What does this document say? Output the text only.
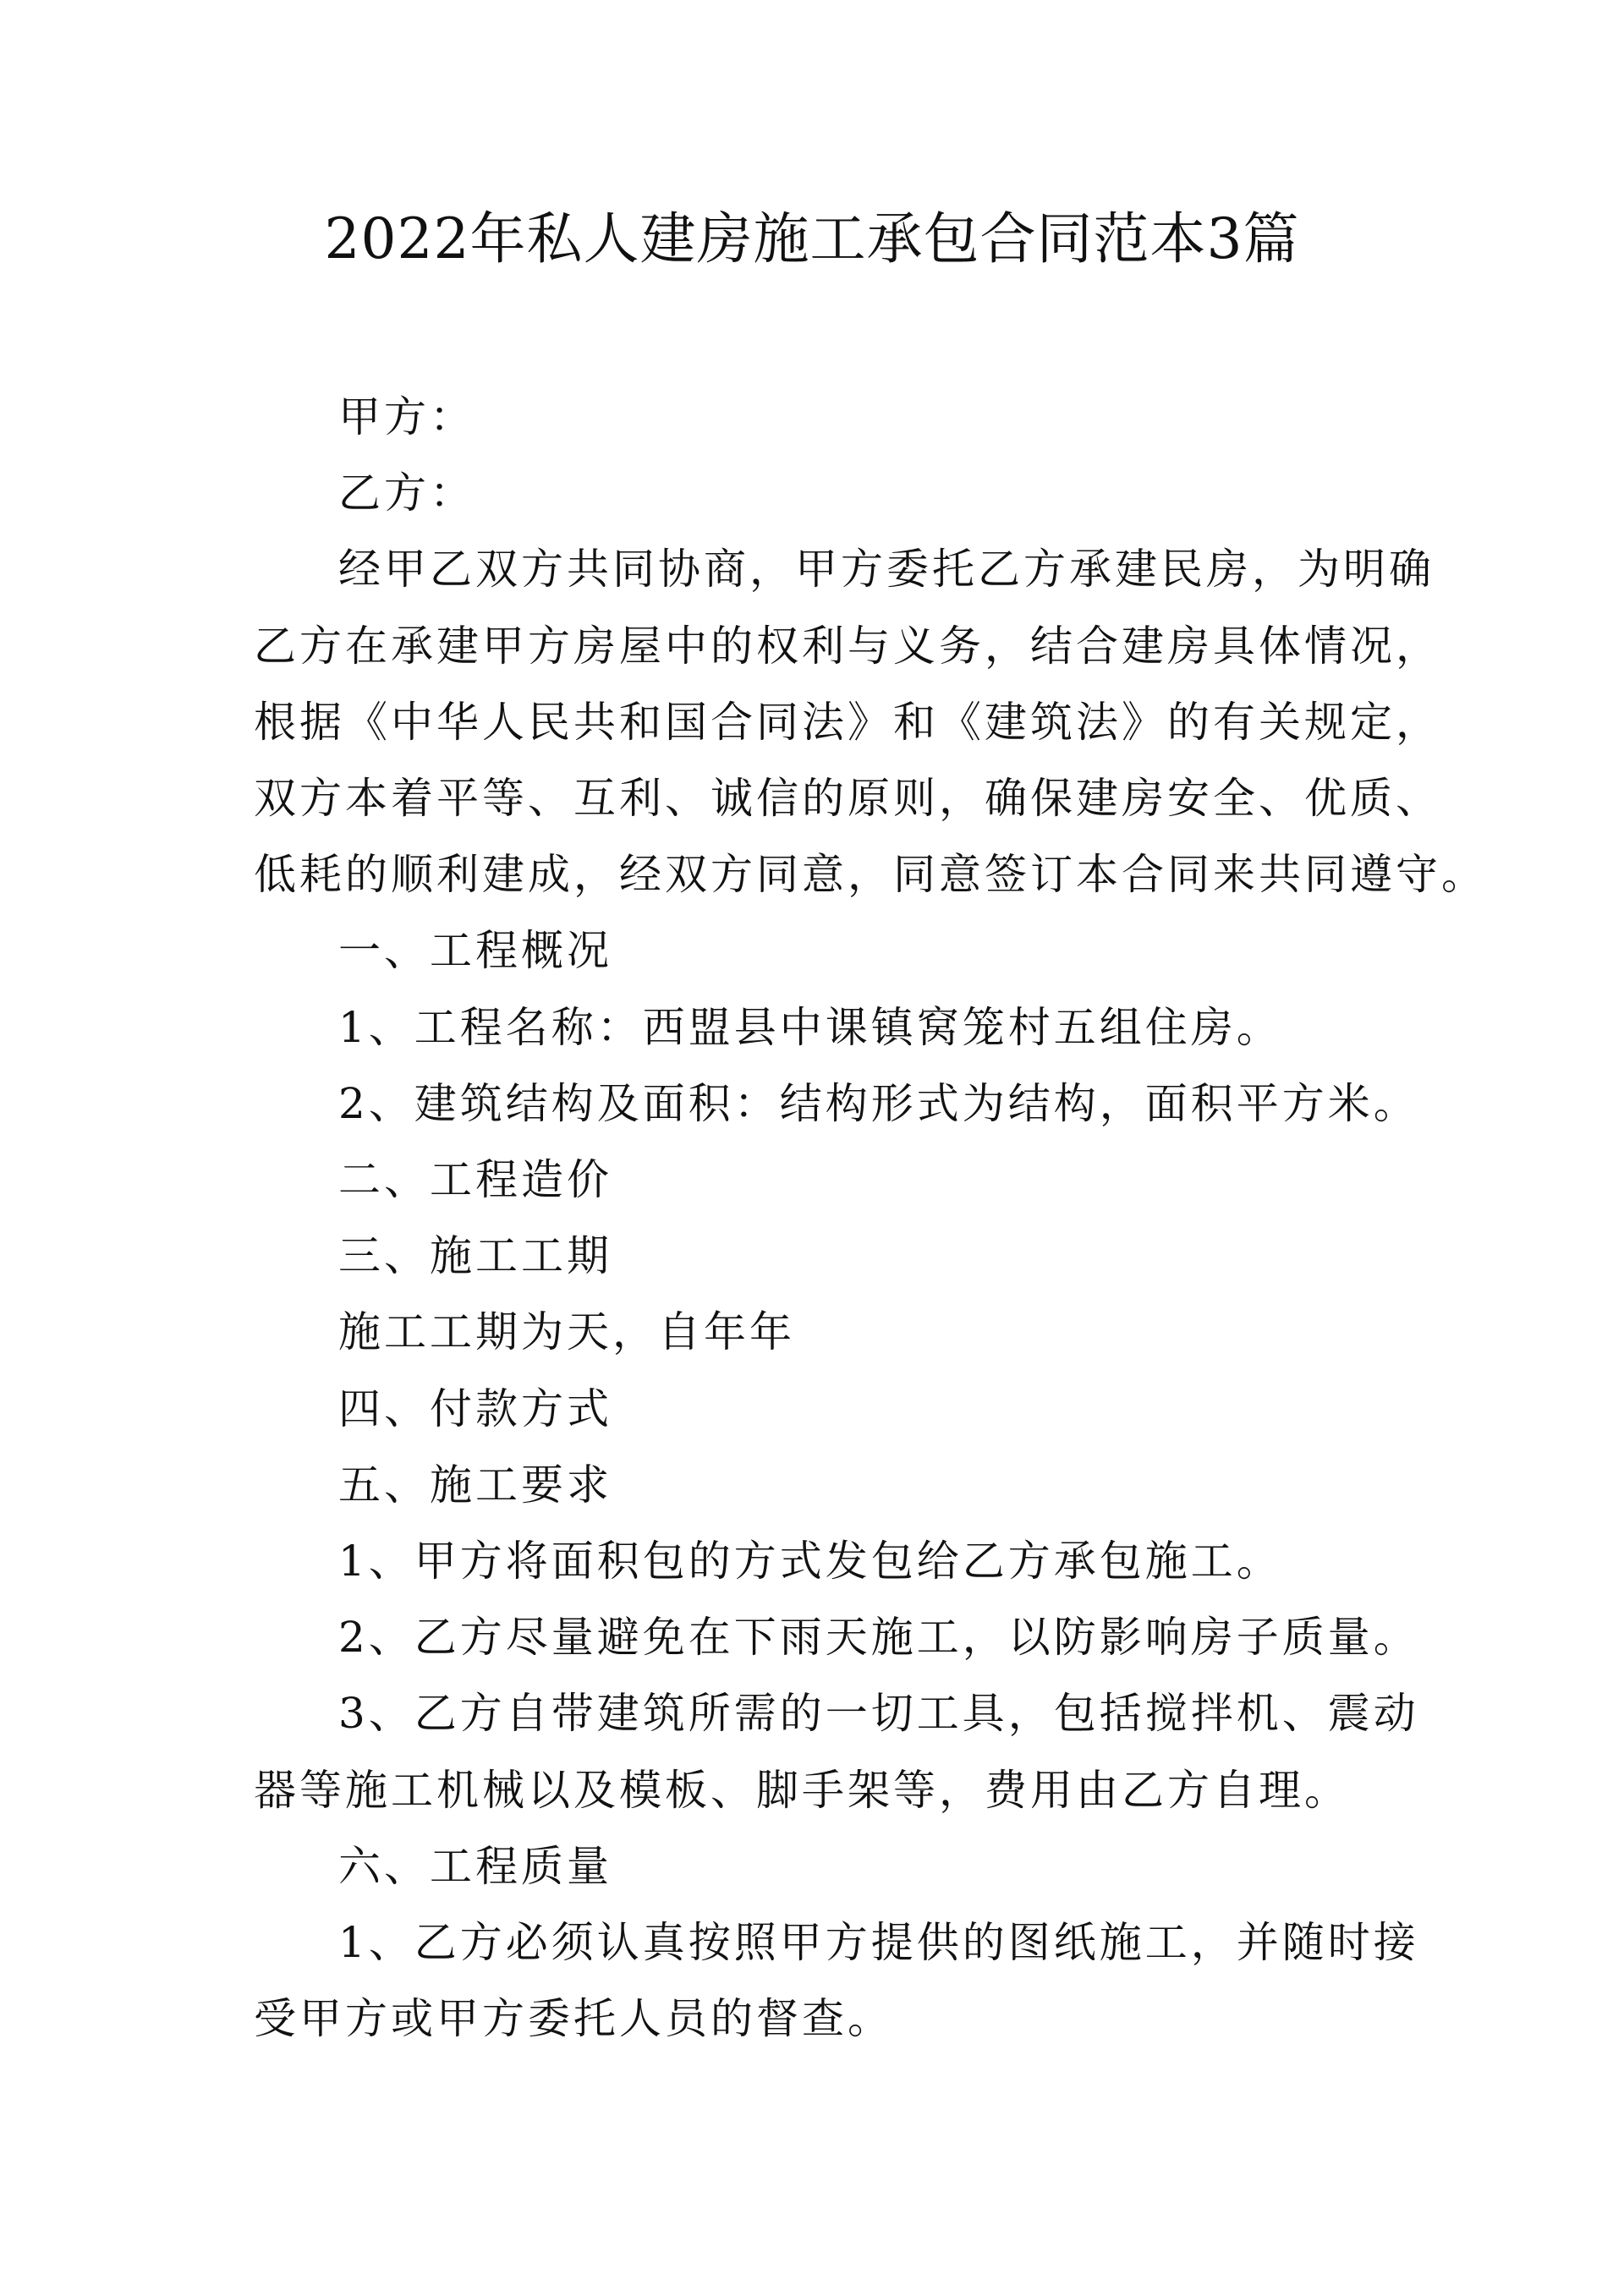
2022年私人建房施工承包合同范本3篇
甲方：
乙方：
经甲乙双方共同协商，甲方委托乙方承建民房，为明确
乙方在承建甲方房屋中的权利与义务，结合建房具体情况，
根据《中华人民共和国合同法》和《建筑法》的有关规定，
双方本着平等、互利、诚信的原则，确保建房安全、优质、
低耗的顺利建成，经双方同意，同意签订本合同来共同遵守。
一、工程概况
1、工程名称：西盟县中课镇窝笼村五组住房。
2、建筑结构及面积：结构形式为结构，面积平方米。
二、工程造价
三、施工工期
施工工期为天，自年年
四、付款方式
五、施工要求
1、甲方将面积包的方式发包给乙方承包施工。
2、乙方尽量避免在下雨天施工，以防影响房子质量。
3、乙方自带建筑所需的一切工具，包括搅拌机、震动
器等施工机械以及模板、脚手架等，费用由乙方自理。
六、工程质量
1、乙方必须认真按照甲方提供的图纸施工，并随时接
受甲方或甲方委托人员的督查。
